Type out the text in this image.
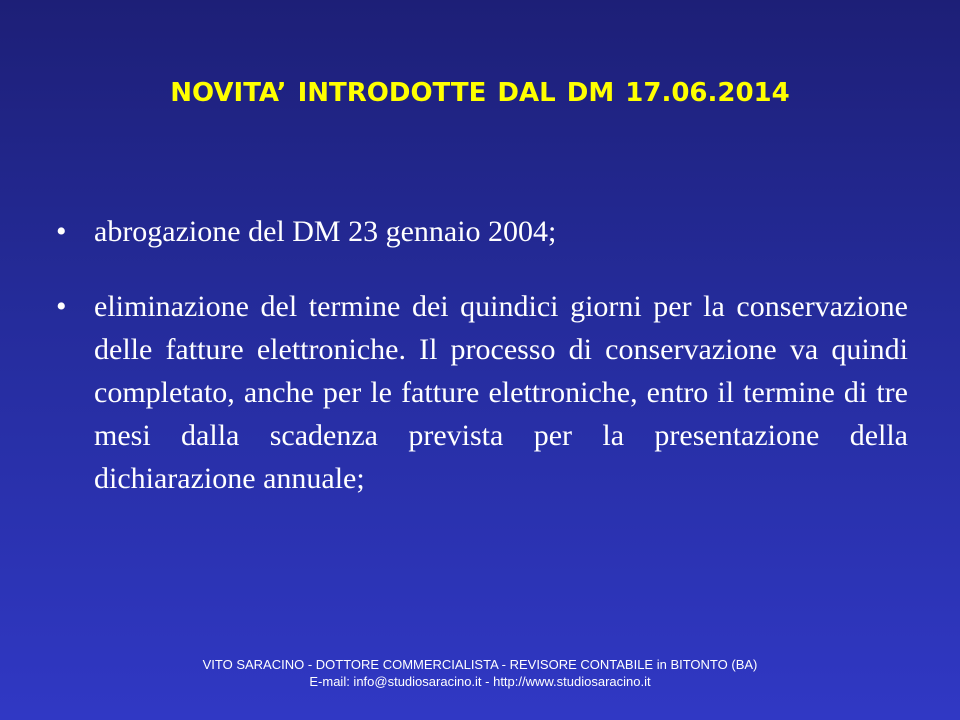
NOVITA’ INTRODOTTE DAL DM 17.06.2014
• abrogazione del DM 23 gennaio 2004;
• eliminazione del termine dei quindici giorni per la conservazione delle fatture elettroniche. Il processo di conservazione va quindi completato, anche per le fatture elettroniche, entro il termine di tre mesi dalla scadenza prevista per la presentazione della dichiarazione annuale;
VITO SARACINO - DOTTORE COMMERCIALISTA - REVISORE CONTABILE in BITONTO (BA)
E-mail: info@studiosaracino.it - http://www.studiosaracino.it
